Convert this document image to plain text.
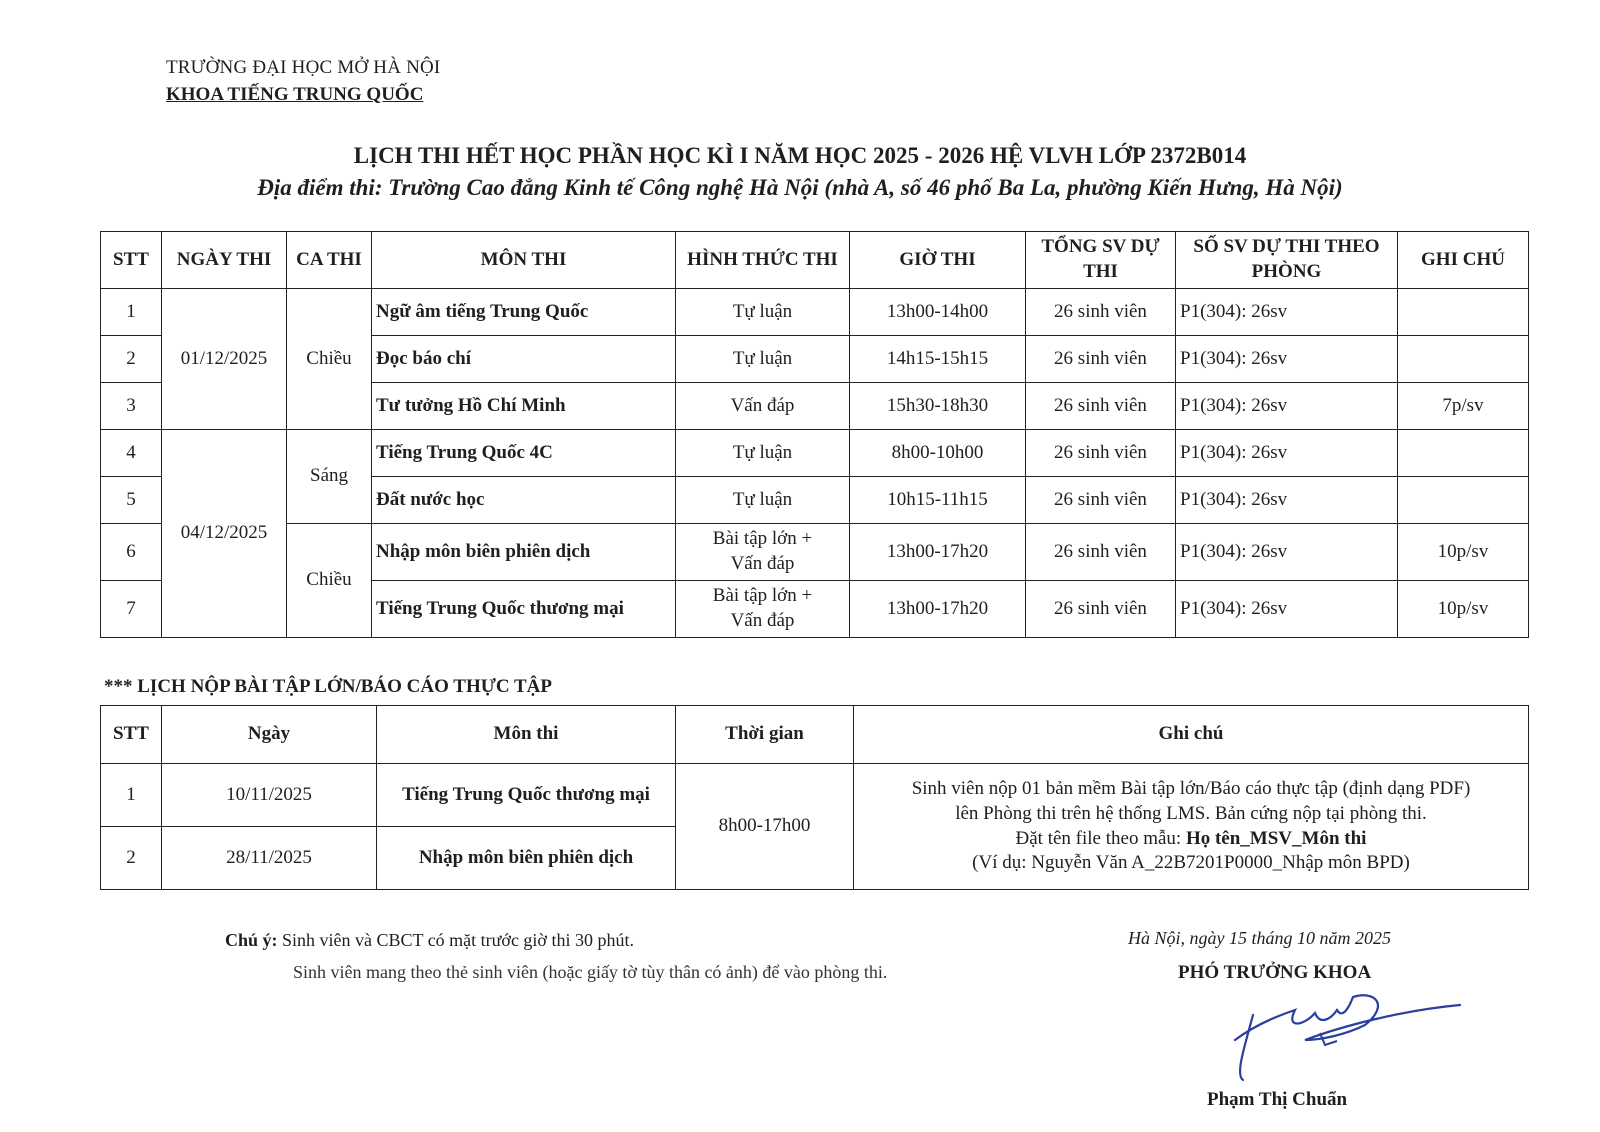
TRƯỜNG ĐẠI HỌC MỞ HÀ NỘI
KHOA TIẾNG TRUNG QUỐC
LỊCH THI HẾT HỌC PHẦN HỌC KÌ I NĂM HỌC 2025 - 2026 HỆ VLVH LỚP 2372B014
Địa điểm thi: Trường Cao đẳng Kinh tế Công nghệ Hà Nội (nhà A, số 46 phố Ba La, phường Kiến Hưng, Hà Nội)
STT	NGÀY THI	CA THI	MÔN THI	HÌNH THỨC THI	GIỜ THI	TỔNG SV DỰ THI	SỐ SV DỰ THI THEO PHÒNG	GHI CHÚ
1	01/12/2025	Chiều	Ngữ âm tiếng Trung Quốc	Tự luận	13h00-14h00	26 sinh viên	P1(304): 26sv	
2			Đọc báo chí	Tự luận	14h15-15h15	26 sinh viên	P1(304): 26sv	
3			Tư tưởng Hồ Chí Minh	Vấn đáp	15h30-18h30	26 sinh viên	P1(304): 26sv	7p/sv
4	04/12/2025	Sáng	Tiếng Trung Quốc 4C	Tự luận	8h00-10h00	26 sinh viên	P1(304): 26sv	
5			Đất nước học	Tự luận	10h15-11h15	26 sinh viên	P1(304): 26sv	
6		Chiều	Nhập môn biên phiên dịch	Bài tập lớn +
Vấn đáp	13h00-17h20	26 sinh viên	P1(304): 26sv	10p/sv
7			Tiếng Trung Quốc thương mại	Bài tập lớn +
Vấn đáp	13h00-17h20	26 sinh viên	P1(304): 26sv	10p/sv
*** LỊCH NỘP BÀI TẬP LỚN/BÁO CÁO THỰC TẬP
STT	Ngày	Môn thi	Thời gian	Ghi chú
1	10/11/2025	Tiếng Trung Quốc thương mại	8h00-17h00	Sinh viên nộp 01 bản mềm Bài tập lớn/Báo cáo thực tập (định dạng PDF)
lên Phòng thi trên hệ thống LMS. Bản cứng nộp tại phòng thi.
Đặt tên file theo mẫu: Họ tên_MSV_Môn thi
(Ví dụ: Nguyễn Văn A_22B7201P0000_Nhập môn BPD)

2	28/11/2025	Nhập môn biên phiên dịch		
Chú ý: Sinh viên và CBCT có mặt trước giờ thi 30 phút.
Sinh viên mang theo thẻ sinh viên (hoặc giấy tờ tùy thân có ảnh) để vào phòng thi.
Hà Nội, ngày 15 tháng 10 năm 2025
PHÓ TRƯỞNG KHOA
Phạm Thị Chuẩn
